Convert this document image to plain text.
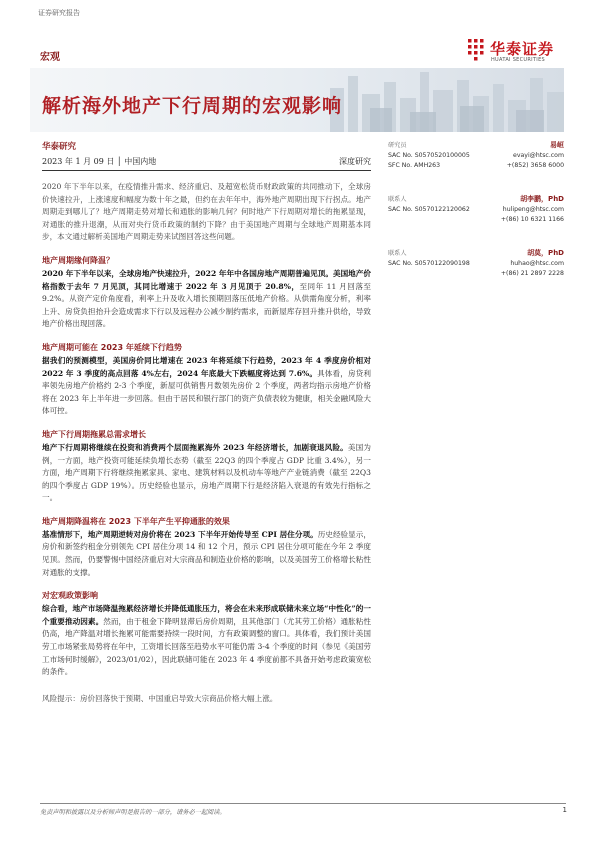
证券研究报告
宏观	华泰证券
HUATAI SECURITIES
解析海外地产下行周期的宏观影响
华泰研究
2023 年 1 月 09 日 │ 中国内地	深度研究
2020 年下半年以来，在疫情推升需求、经济重启、及超宽松货币财政政策的共同推动下，全球房价快速拉升，上涨速度和幅度为数十年之最，但约在去年年中，海外地产周期出现下行拐点。地产周期走到哪儿了？地产周期走势对增长和通胀的影响几何？何时地产下行周期对增长的拖累显现，对通胀的推升退潮，从而对央行货币政策的制约下降？由于美国地产周期与全球地产周期基本同步，本文通过解析美国地产周期走势来试图回答这些问题。
地产周期缘何降温？
2020 年下半年以来，全球房地产快速拉升，2022 年年中各国房地产周期普遍见顶。美国地产价格指数于去年 7 月见顶，其同比增速于 2022 年 3 月见顶于 20.8%，至同年 11 月回落至 9.2%。从资产定价角度看，利率上升及收入增长预期回落压低地产价格。从供需角度分析，利率上升、房贷负担抬升会造成需求下行以及远程办公减少制约需求，而新屋库存回升推升供给，导致地产价格出现回落。
地产周期可能在 2023 年延续下行趋势
据我们的预测模型，美国房价同比增速在 2023 年将延续下行趋势，2023 年 4 季度房价相对 2022 年 3 季度的高点回落 4%左右，2024 年底最大下跌幅度将达到 7.6%。具体看，房贷利率领先房地产价格约 2-3 个季度，新屋可供销售月数领先房价 2 个季度，两者均指示房地产价格将在 2023 年上半年进一步回落。但由于居民和银行部门的资产负债表较为健康，相关金融风险大体可控。
地产下行周期拖累总需求增长
地产下行周期将继续在投资和消费两个层面拖累海外 2023 年经济增长，加剧衰退风险。美国为例，一方面，地产投资可能延续负增长态势（截至 22Q3 的四个季度占 GDP 比重 3.4%），另一方面，地产周期下行将继续拖累家具、家电、建筑材料以及机动车等地产产业链消费（截至 22Q3 的四个季度占 GDP 19%）。历史经验也显示，房地产周期下行是经济陷入衰退的有效先行指标之一。
地产周期降温将在 2023 下半年产生平抑通胀的效果
基准情形下，地产周期逆转对房价将在 2023 下半年开始传导至 CPI 居住分项。历史经验显示，房价和新签约租金分别领先 CPI 居住分项 14 和 12 个月，预示 CPI 居住分项可能在今年 2 季度见顶。然而，仍要警惕中国经济重启对大宗商品和制造业价格的影响，以及美国劳工价格增长粘性对通胀的支撑。
对宏观政策影响
综合看，地产市场降温拖累经济增长并降低通胀压力，将会在未来形成联储未来立场“中性化”的一个重要推动因素。然而，由于租金下降明显滞后房价周期，且其他部门（尤其劳工价格）通胀粘性仍高，地产降温对增长拖累可能需要持续一段时间，方有政策调整的窗口。具体看，我们预计美国劳工市场紧张局势将在年中，工资增长回落至趋势水平可能仍需 3-4 个季度的时间（参见《美国劳工市场何时缓解》，2023/01/02），因此联储可能在 2023 年 4 季度前都不具备开始考虑政策宽松的条件。
风险提示：房价回落快于预期、中国重启导致大宗商品价格大幅上涨。
研究员	易峘
SAC No. S0570520100005	evayi@htsc.com
SFC No. AMH263	+(852) 3658 6000
联系人	胡李鹏，PhD
SAC No. S0570122120062	hulipeng@htsc.com
+(86) 10 6321 1166
联系人	胡莫，PhD
SAC No. S0570122090198	huhao@htsc.com
+(86) 21 2897 2228
免责声明和披露以及分析师声明是报告的一部分，请务必一起阅读。	1
